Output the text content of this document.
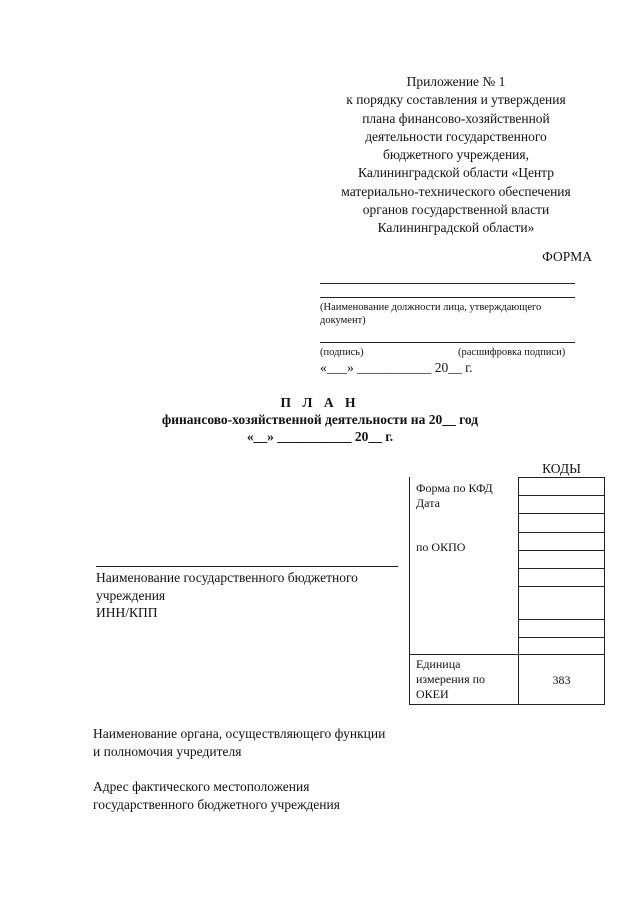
Приложение № 1
к порядку составления и утверждения
плана финансово-хозяйственной
деятельности государственного
бюджетного учреждения,
Калининградской области «Центр
материально-технического обеспечения
органов государственной власти
Калининградской области»
ФОРМА
(Наименование должности лица, утверждающего документ)
(подпись)	(расшифровка подписи)
«___» ___________ 20__ г.
П Л А Н
финансово-хозяйственной деятельности на 20__ год
«__» ___________ 20__ г.
КОДЫ
Форма по КФД
Дата
по ОКПО
Единица измерения по ОКЕИ
383
Наименование государственного бюджетного учреждения
ИНН/КПП
Наименование органа, осуществляющего функции и полномочия учредителя
Адрес фактического местоположения государственного бюджетного учреждения
